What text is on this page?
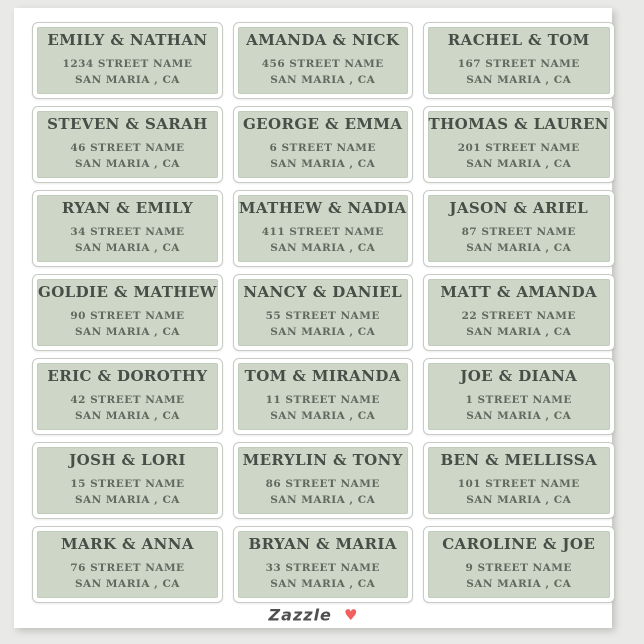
EMILY & NATHAN
1234 STREET NAME
SAN MARIA , CA
AMANDA & NICK
456 STREET NAME
SAN MARIA , CA
RACHEL & TOM
167 STREET NAME
SAN MARIA , CA
STEVEN & SARAH
46 STREET NAME
SAN MARIA , CA
GEORGE & EMMA
6 STREET NAME
SAN MARIA , CA
THOMAS & LAUREN
201 STREET NAME
SAN MARIA , CA
RYAN & EMILY
34 STREET NAME
SAN MARIA , CA
MATHEW & NADIA
411 STREET NAME
SAN MARIA , CA
JASON & ARIEL
87 STREET NAME
SAN MARIA , CA
GOLDIE & MATHEW
90 STREET NAME
SAN MARIA , CA
NANCY & DANIEL
55 STREET NAME
SAN MARIA , CA
MATT & AMANDA
22 STREET NAME
SAN MARIA , CA
ERIC & DOROTHY
42 STREET NAME
SAN MARIA , CA
TOM & MIRANDA
11 STREET NAME
SAN MARIA , CA
JOE & DIANA
1 STREET NAME
SAN MARIA , CA
JOSH & LORI
15 STREET NAME
SAN MARIA , CA
MERYLIN & TONY
86 STREET NAME
SAN MARIA , CA
BEN & MELLISSA
101 STREET NAME
SAN MARIA , CA
MARK & ANNA
76 STREET NAME
SAN MARIA , CA
BRYAN & MARIA
33 STREET NAME
SAN MARIA , CA
CAROLINE & JOE
9 STREET NAME
SAN MARIA , CA
Zazzle ♥
